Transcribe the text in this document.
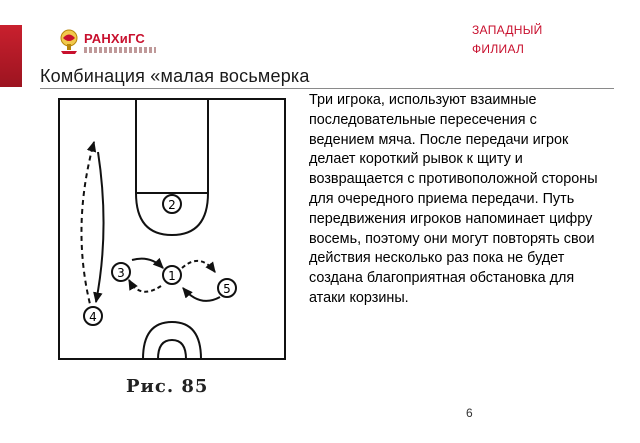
РАНХиГС
ЗАПАДНЫЙ
ФИЛИАЛ
Комбинация «малая восьмерка
2
3	1
5
4
Рис. 85
Три игрока, используют взаимные последовательные пересечения с ведением мяча. После передачи игрок делает короткий рывок к щиту и возвращается с противоположной стороны для очередного приема передачи. Путь передвижения игроков напоминает цифру восемь, поэтому они могут повторять свои действия несколько раз пока не будет создана благоприятная обстановка для атаки корзины.
6
